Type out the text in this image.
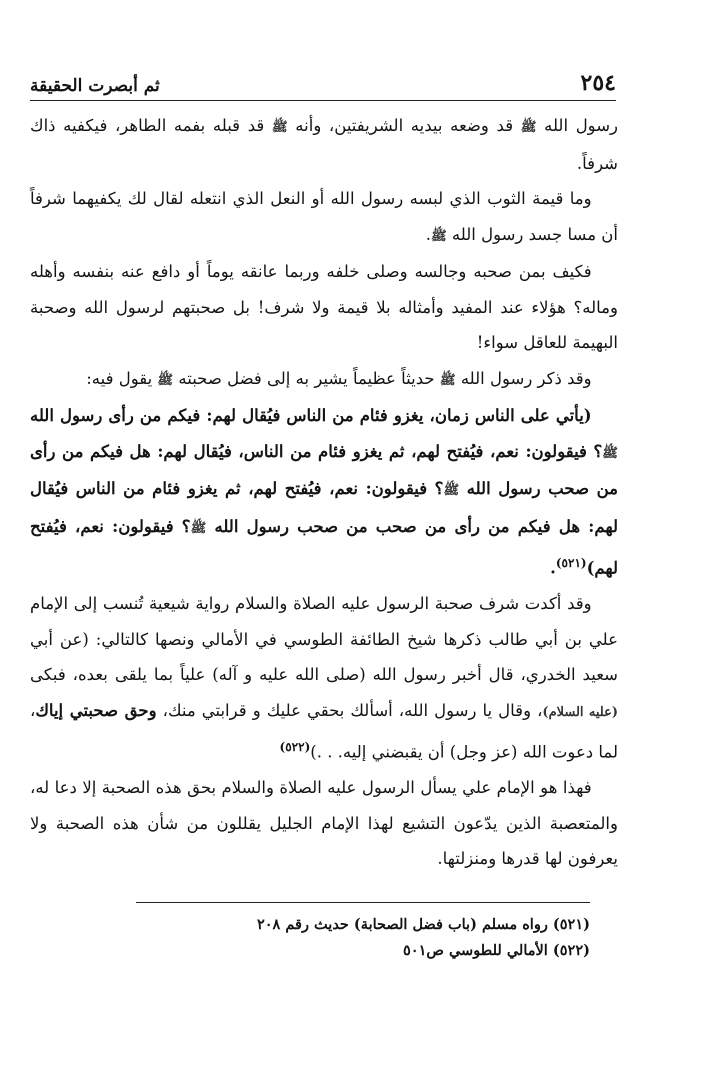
٢٥٤
ثم أبصرت الحقيقة

رسول الله ﷺ قد وضعه بيديه الشريفتين، وأنه ﷺ قد قبله بفمه الطاهر، فيكفيه ذاك شرفاً.

وما قيمة الثوب الذي لبسه رسول الله أو النعل الذي انتعله لقال لك يكفيهما شرفاً أن مسا جسد رسول الله ﷺ.

فكيف بمن صحبه وجالسه وصلى خلفه وربما عانقه يوماً أو دافع عنه بنفسه وأهله وماله؟ هؤلاء عند المفيد وأمثاله بلا قيمة ولا شرف! بل صحبتهم لرسول الله وصحبة البهيمة للعاقل سواء!

وقد ذكر رسول الله ﷺ حديثاً عظيماً يشير به إلى فضل صحبته ﷺ يقول فيه:

(يأتي على الناس زمان، يغزو فئام من الناس فيُقال لهم: فيكم من رأى رسول الله ﷺ؟ فيقولون: نعم، فيُفتح لهم، ثم يغزو فئام من الناس، فيُقال لهم: هل فيكم من رأى من صحب رسول الله ﷺ؟ فيقولون: نعم، فيُفتح لهم، ثم يغزو فئام من الناس فيُقال لهم: هل فيكم من رأى من صحب من صحب رسول الله ﷺ؟ فيقولون: نعم، فيُفتح لهم)$^{(٥٢١)}$.

وقد أكدت شرف صحبة الرسول عليه الصلاة والسلام رواية شيعية تُنسب إلى الإمام علي بن أبي طالب ذكرها شيخ الطائفة الطوسي في الأمالي ونصها كالتالي: (عن أبي سعيد الخدري، قال أخبر رسول الله (صلى الله عليه و آله) علياً بما يلقى بعده، فبكى (عليه السلام)، وقال يا رسول الله، أسألك بحقي عليك و قرابتي منك، وحق صحبتي إياك، لما دعوت الله (عز وجل) أن يقبضني إليه. . .)$^{(٥٢٢)}$

فهذا هو الإمام علي يسأل الرسول عليه الصلاة والسلام بحق هذه الصحبة إلا دعا له، والمتعصبة الذين يدّعون التشيع لهذا الإمام الجليل يقللون من شأن هذه الصحبة ولا يعرفون لها قدرها ومنزلتها.

(٥٢١) رواه مسلم (باب فضل الصحابة) حديث رقم ٢٠٨

(٥٢٢) الأمالي للطوسي ص٥٠١
